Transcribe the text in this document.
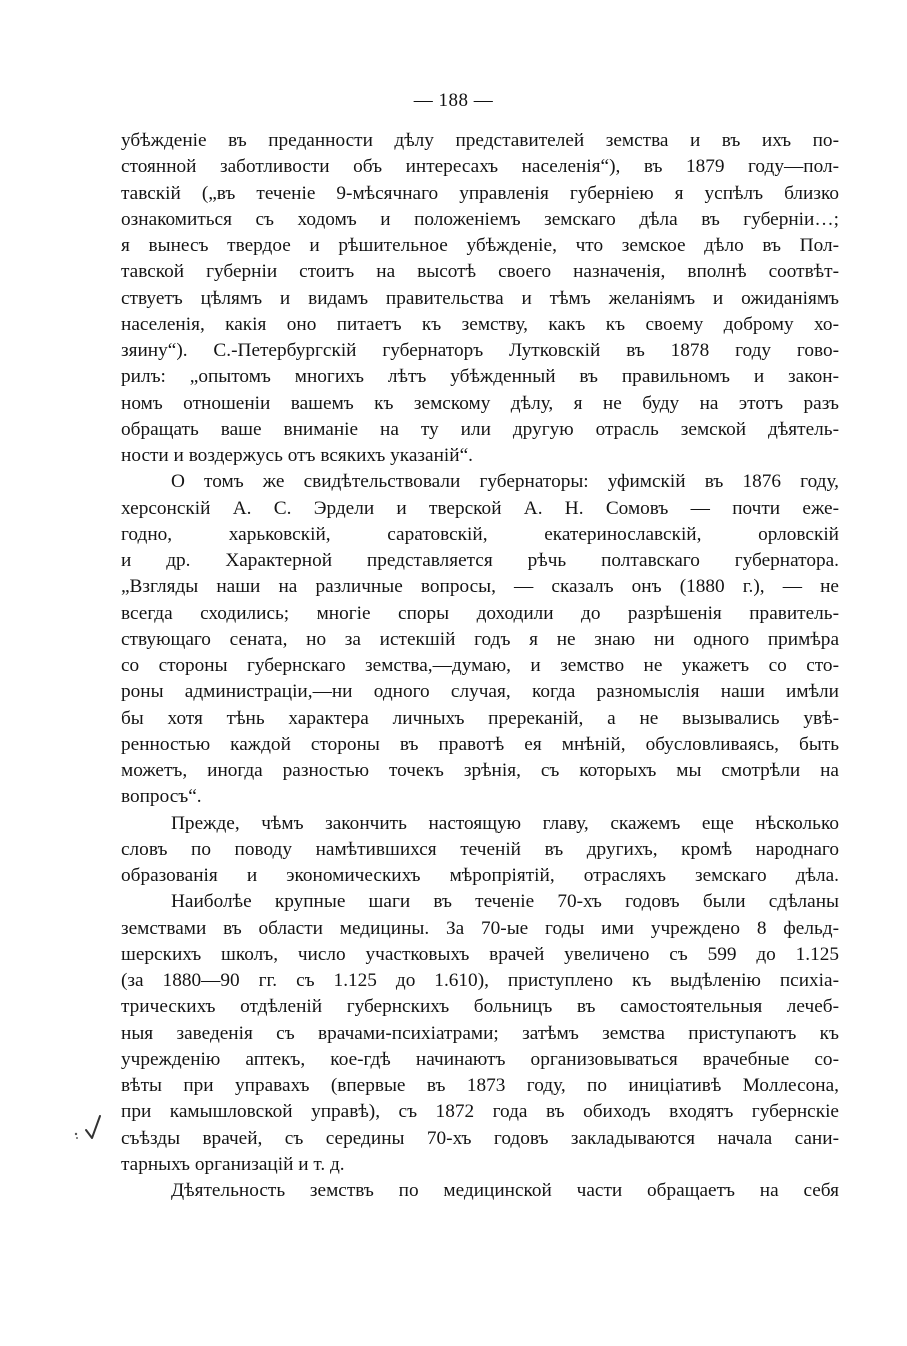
— 188 —
убѣжденіе въ преданности дѣлу представителей земства и въ ихъ по-
стоянной заботливости объ интересахъ населенія“), въ 1879 году—пол-
тавскій („въ теченіе 9-мѣсячнаго управленія губерніею я успѣлъ близко
ознакомиться съ ходомъ и положеніемъ земскаго дѣла въ губерніи…;
я вынесъ твердое и рѣшительное убѣжденіе, что земское дѣло въ Пол-
тавской губерніи стоитъ на высотѣ своего назначенія, вполнѣ соотвѣт-
ствуетъ цѣлямъ и видамъ правительства и тѣмъ желаніямъ и ожиданіямъ
населенія, какія оно питаетъ къ земству, какъ къ своему доброму хо-
зяину“). С.-Петербургскій губернаторъ Лутковскій въ 1878 году гово-
рилъ: „опытомъ многихъ лѣтъ убѣжденный въ правильномъ и закон-
номъ отношеніи вашемъ къ земскому дѣлу, я не буду на этотъ разъ
обращать ваше вниманіе на ту или другую отрасль земской дѣятель-
ности и воздержусь отъ всякихъ указаній“.
О томъ же свидѣтельствовали губернаторы: уфимскій въ 1876 году,
херсонскій А. С. Эрдели и тверской А. Н. Сомовъ — почти еже-
годно, харьковскій, саратовскій, екатеринославскій, орловскій
и др. Характерной представляется рѣчь полтавскаго губернатора.
„Взгляды наши на различные вопросы, — сказалъ онъ (1880 г.), — не
всегда сходились; многіе споры доходили до разрѣшенія правитель-
ствующаго сената, но за истекшій годъ я не знаю ни одного примѣра
со стороны губернскаго земства,—думаю, и земство не укажетъ со сто-
роны администраціи,—ни одного случая, когда разномыслія наши имѣли
бы хотя тѣнь характера личныхъ пререканій, а не вызывались увѣ-
ренностью каждой стороны въ правотѣ ея мнѣній, обусловливаясь, быть
можетъ, иногда разностью точекъ зрѣнія, съ которыхъ мы смотрѣли на
вопросъ“.
Прежде, чѣмъ закончить настоящую главу, скажемъ еще нѣсколько
словъ по поводу намѣтившихся теченій въ другихъ, кромѣ народнаго
образованія и экономическихъ мѣропріятій, отрасляхъ земскаго дѣла.
Наиболѣе крупные шаги въ теченіе 70-хъ годовъ были сдѣланы
земствами въ области медицины. За 70-ые годы ими учреждено 8 фельд-
шерскихъ школъ, число участковыхъ врачей увеличено съ 599 до 1.125
(за 1880—90 гг. съ 1.125 до 1.610), приступлено къ выдѣленію психіа-
трическихъ отдѣленій губернскихъ больницъ въ самостоятельныя лечеб-
ныя заведенія съ врачами-психіатрами; затѣмъ земства приступаютъ къ
учрежденію аптекъ, кое-гдѣ начинаютъ организовываться врачебные со-
вѣты при управахъ (впервые въ 1873 году, по иниціативѣ Моллесона,
при камышловской управѣ), съ 1872 года въ обиходъ входятъ губернскіе
съѣзды врачей, съ середины 70-хъ годовъ закладываются начала сани-
тарныхъ организацій и т. д.
Дѣятельность земствъ по медицинской части обращаетъ на себя
